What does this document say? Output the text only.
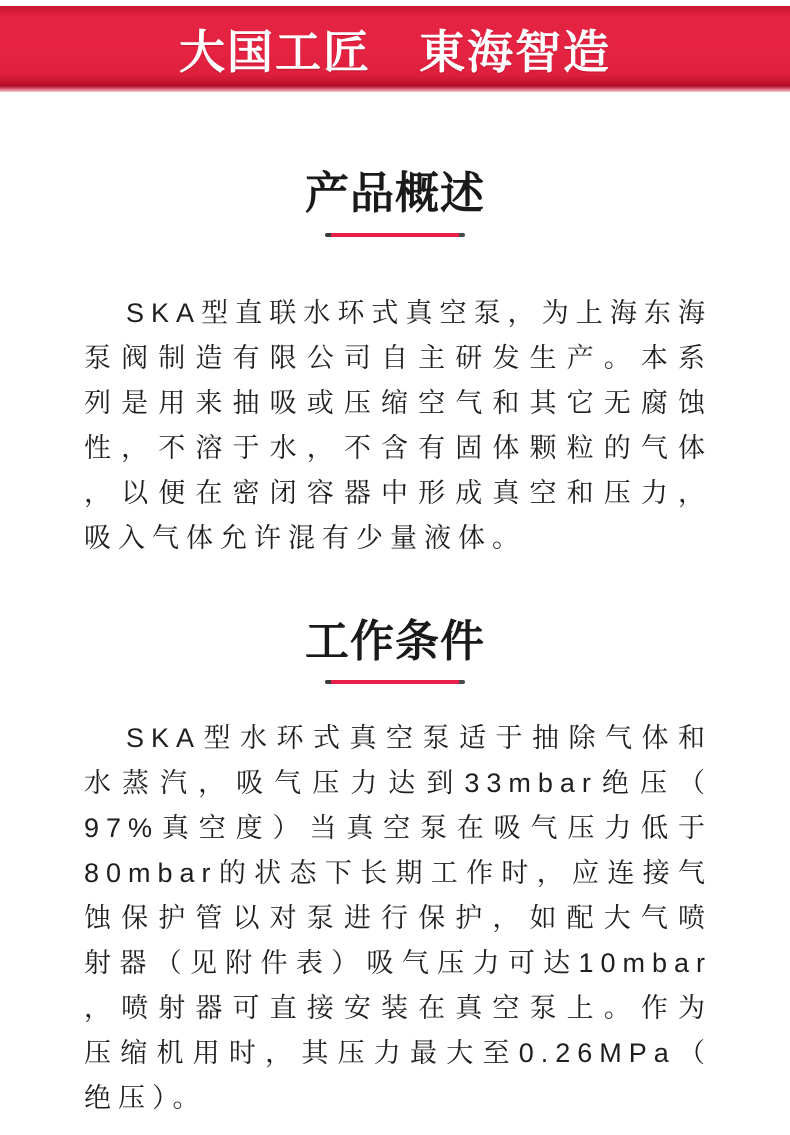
大国工匠　東海智造
产品概述
SKA型直联水环式真空泵，为上海东海
泵阀制造有限公司自主研发生产。本系
列是用来抽吸或压缩空气和其它无腐蚀
性，不溶于水，不含有固体颗粒的气体
，以便在密闭容器中形成真空和压力，
吸入气体允许混有少量液体。
工作条件
SKA型水环式真空泵适于抽除气体和
水蒸汽，吸气压力达到33mbar绝压（
97%真空度）当真空泵在吸气压力低于
80mbar的状态下长期工作时，应连接气
蚀保护管以对泵进行保护，如配大气喷
射器（见附件表）吸气压力可达10mbar
，喷射器可直接安装在真空泵上。作为
压缩机用时，其压力最大至0.26MPa（
绝压）。
